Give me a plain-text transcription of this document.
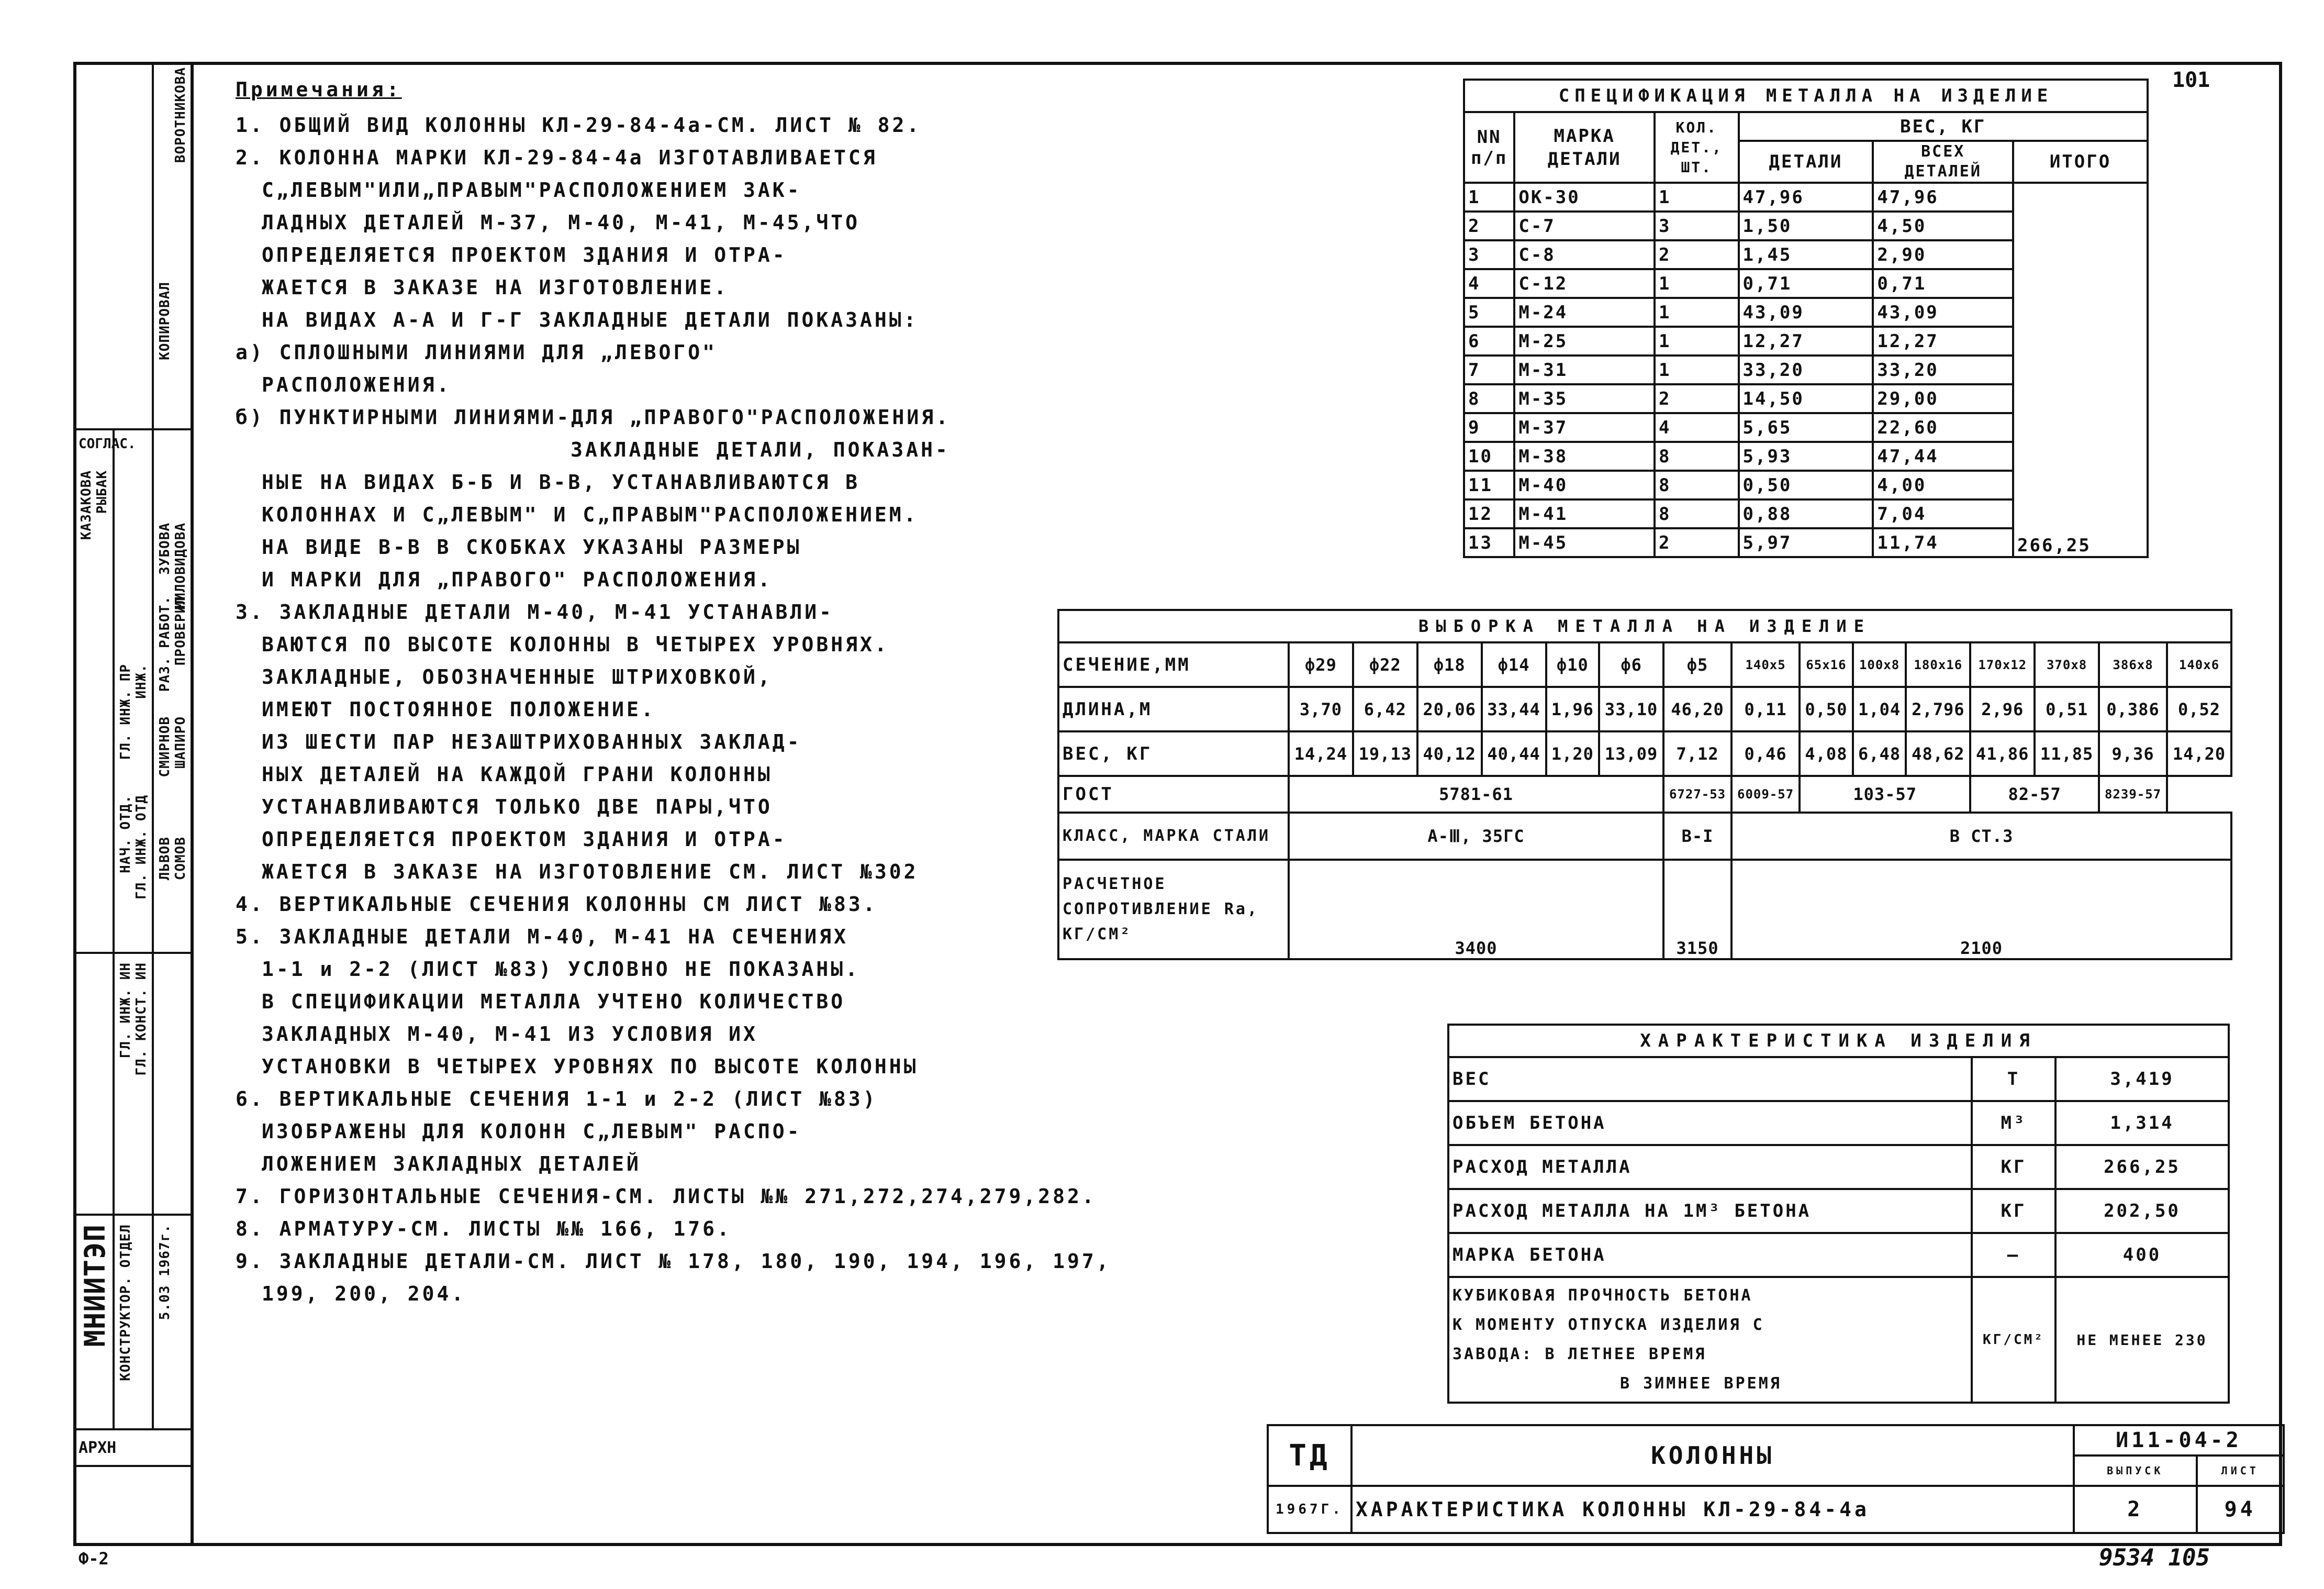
МНИИТЭП КОНСТРУКТОР. ОТДЕЛ 5.03 1967г.
АРХН
КОПИРОВАЛ
ВОРОТНИКОВА
СОГЛАС.
ГЛ. ИНЖ. ИН ГЛ. КОНСТ. ИН
НАЧ. ОТД. ГЛ. ИНЖ. ОТД
ГЛ. ИНЖ. ПР ИНЖ.
ЛЬВОВ СОМОВ
СМИРНОВ ШАПИРО
КАЗАКОВА РЫБАК
ЗУБОВА МИЛОВИДОВА
РАЗ. РАБОТ. ПРОВЕРИЛ
101
Примечания:
1. ОБЩИЙ ВИД КОЛОННЫ КЛ-29-84-4а-СМ. ЛИСТ № 82.
2. КОЛОННА МАРКИ КЛ-29-84-4а ИЗГОТАВЛИВАЕТСЯ
С„ЛЕВЫМ"ИЛИ„ПРАВЫМ"РАСПОЛОЖЕНИЕМ ЗАК-
ЛАДНЫХ ДЕТАЛЕЙ М-37, М-40, М-41, М-45,ЧТО
ОПРЕДЕЛЯЕТСЯ ПРОЕКТОМ ЗДАНИЯ И ОТРА-
ЖАЕТСЯ В ЗАКАЗЕ НА ИЗГОТОВЛЕНИЕ.
НА ВИДАХ А-А И Г-Г ЗАКЛАДНЫЕ ДЕТАЛИ ПОКАЗАНЫ:
а) СПЛОШНЫМИ ЛИНИЯМИ ДЛЯ „ЛЕВОГО"
РАСПОЛОЖЕНИЯ.
б) ПУНКТИРНЫМИ ЛИНИЯМИ-ДЛЯ „ПРАВОГО"РАСПОЛОЖЕНИЯ.
ЗАКЛАДНЫЕ ДЕТАЛИ, ПОКАЗАН-
НЫЕ НА ВИДАХ Б-Б И В-В, УСТАНАВЛИВАЮТСЯ В
КОЛОННАХ И С„ЛЕВЫМ" И С„ПРАВЫМ"РАСПОЛОЖЕНИЕМ.
НА ВИДЕ В-В В СКОБКАХ УКАЗАНЫ РАЗМЕРЫ
И МАРКИ ДЛЯ „ПРАВОГО" РАСПОЛОЖЕНИЯ.
3. ЗАКЛАДНЫЕ ДЕТАЛИ М-40, М-41 УСТАНАВЛИ-
ВАЮТСЯ ПО ВЫСОТЕ КОЛОННЫ В ЧЕТЫРЕХ УРОВНЯХ.
ЗАКЛАДНЫЕ, ОБОЗНАЧЕННЫЕ ШТРИХОВКОЙ,
ИМЕЮТ ПОСТОЯННОЕ ПОЛОЖЕНИЕ.
ИЗ ШЕСТИ ПАР НЕЗАШТРИХОВАННЫХ ЗАКЛАД-
НЫХ ДЕТАЛЕЙ НА КАЖДОЙ ГРАНИ КОЛОННЫ
УСТАНАВЛИВАЮТСЯ ТОЛЬКО ДВЕ ПАРЫ,ЧТО
ОПРЕДЕЛЯЕТСЯ ПРОЕКТОМ ЗДАНИЯ И ОТРА-
ЖАЕТСЯ В ЗАКАЗЕ НА ИЗГОТОВЛЕНИЕ СМ. ЛИСТ №302
4. ВЕРТИКАЛЬНЫЕ СЕЧЕНИЯ КОЛОННЫ СМ ЛИСТ №83.
5. ЗАКЛАДНЫЕ ДЕТАЛИ М-40, М-41 НА СЕЧЕНИЯХ
1-1 и 2-2 (ЛИСТ №83) УСЛОВНО НЕ ПОКАЗАНЫ.
В СПЕЦИФИКАЦИИ МЕТАЛЛА УЧТЕНО КОЛИЧЕСТВО
ЗАКЛАДНЫХ М-40, М-41 ИЗ УСЛОВИЯ ИХ
УСТАНОВКИ В ЧЕТЫРЕХ УРОВНЯХ ПО ВЫСОТЕ КОЛОННЫ
6. ВЕРТИКАЛЬНЫЕ СЕЧЕНИЯ 1-1 и 2-2 (ЛИСТ №83)
ИЗОБРАЖЕНЫ ДЛЯ КОЛОНН С„ЛЕВЫМ" РАСПО-
ЛОЖЕНИЕМ ЗАКЛАДНЫХ ДЕТАЛЕЙ
7. ГОРИЗОНТАЛЬНЫЕ СЕЧЕНИЯ-СМ. ЛИСТЫ №№ 271,272,274,279,282.
8. АРМАТУРУ-СМ. ЛИСТЫ №№ 166, 176.
9. ЗАКЛАДНЫЕ ДЕТАЛИ-СМ. ЛИСТ № 178, 180, 190, 194, 196, 197,
199, 200, 204.
СПЕЦИФИКАЦИЯ МЕТАЛЛА НА ИЗДЕЛИЕ					
NN п/п	МАРКА ДЕТАЛИ	КОЛ. ДЕТ., ШТ.	ВЕС, КГ		
			ДЕТАЛИ	ВСЕХ ДЕТАЛЕЙ	ИТОГО
1	ОК-30	1	47,96	47,96	266,25
2	С-7	3	1,50	4,50	
3	С-8	2	1,45	2,90	
4	С-12	1	0,71	0,71	
5	М-24	1	43,09	43,09	
6	М-25	1	12,27	12,27	
7	М-31	1	33,20	33,20	
8	М-35	2	14,50	29,00	
9	М-37	4	5,65	22,60	
10	М-38	8	5,93	47,44	
11	М-40	8	0,50	4,00	
12	М-41	8	0,88	7,04	
13	М-45	2	5,97	11,74	
ВЫБОРКА МЕТАЛЛА НА ИЗДЕЛИЕ															
СЕЧЕНИЕ,ММ	ф29	ф22	ф18	ф14	ф10	ф6	ф5	140х5	65х16	100х8	180х16	170х12	370х8	386х8	140х6
ДЛИНА,М	3,70	6,42	20,06	33,44	1,96	33,10	46,20	0,11	0,50	1,04	2,796	2,96	0,51	0,386	0,52
ВЕС, КГ	14,24	19,13	40,12	40,44	1,20	13,09	7,12	0,46	4,08	6,48	48,62	41,86	11,85	9,36	14,20
ГОСТ	5781-61						6727-53	6009-57	103-57			82-57		8239-57	
КЛАСС, МАРКА СТАЛИ	А-Ⅲ, 35ГС						В-I	В СТ.3							
РАСЧЕТНОЕ СОПРОТИВЛЕНИЕ Ra, КГ/СМ²	3400						3150	2100							
ХАРАКТЕРИСТИКА ИЗДЕЛИЯ		
ВЕС	Т	3,419
ОБЪЕМ БЕТОНА	М³	1,314
РАСХОД МЕТАЛЛА	КГ	266,25
РАСХОД МЕТАЛЛА НА 1М³ БЕТОНА	КГ	202,50
МАРКА БЕТОНА	—	400

КУБИКОВАЯ ПРОЧНОСТЬ БЕТОНА
К МОМЕНТУ ОТПУСКА ИЗДЕЛИЯ С
ЗАВОДА: В ЛЕТНЕЕ ВРЕМЯ
В ЗИМНЕЕ ВРЕМЯ	КГ/СМ²	НЕ МЕНЕЕ 230
ТД	КОЛОННЫ	И11-04-2	
		ВЫПУСК	ЛИСТ
1967Г.	ХАРАКТЕРИСТИКА КОЛОННЫ КЛ-29-84-4а	2	94
Ф-2	9534 105
